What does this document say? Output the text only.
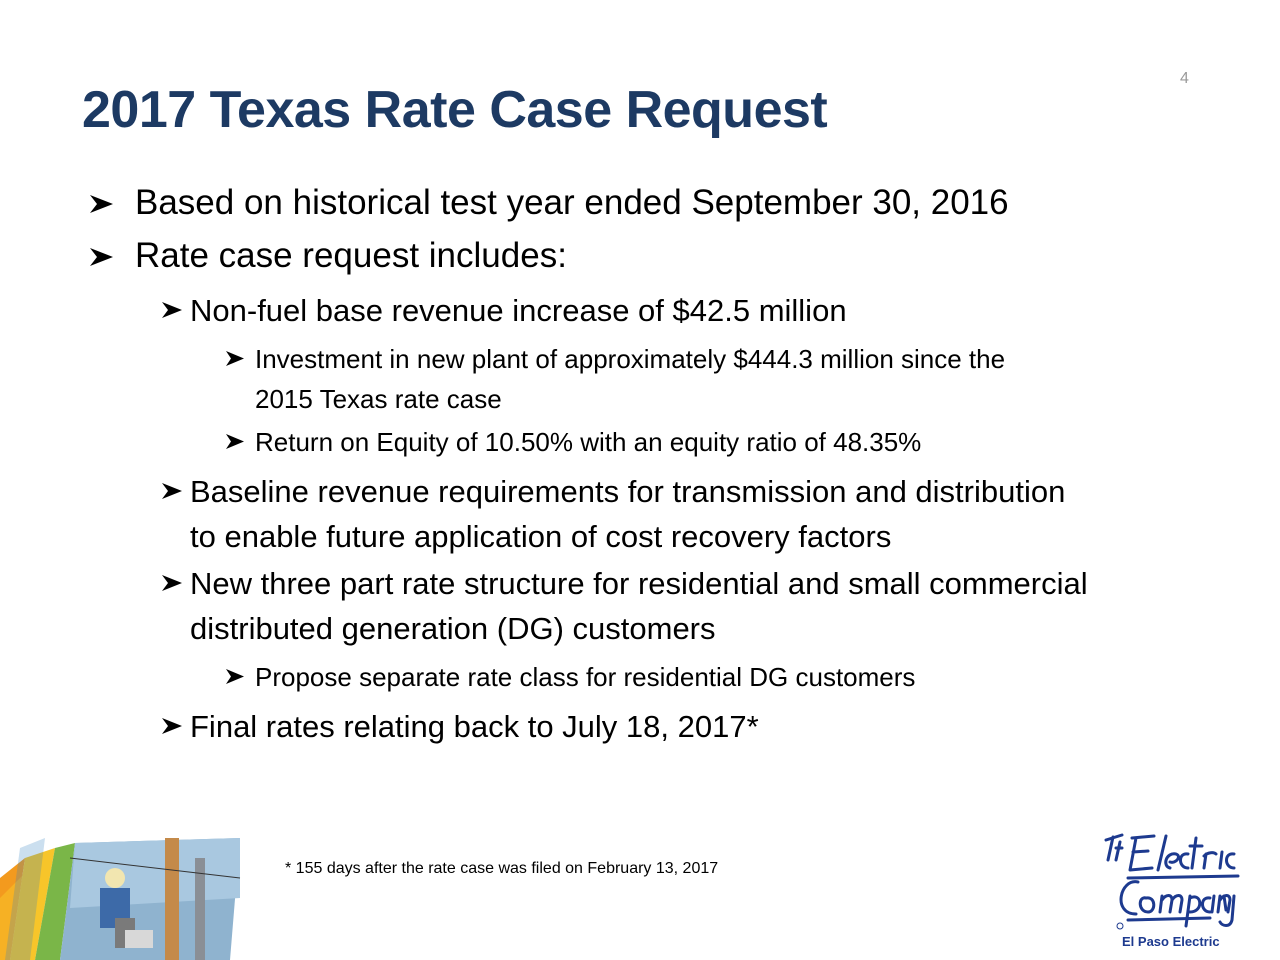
4
2017 Texas Rate Case Request
Based on historical test year ended September 30, 2016
Rate case request includes:
Non-fuel base revenue increase of $42.5 million
Investment in new plant of approximately $444.3 million since the
2015 Texas rate case
Return on Equity of 10.50% with an equity ratio of 48.35%
Baseline revenue requirements for transmission and distribution
to enable future application of cost recovery factors
New three part rate structure for residential and small commercial
distributed generation (DG) customers
Propose separate rate class for residential DG customers
Final rates relating back to July 18, 2017*
* 155 days after the rate case was filed on February 13, 2017
El Paso Electric
